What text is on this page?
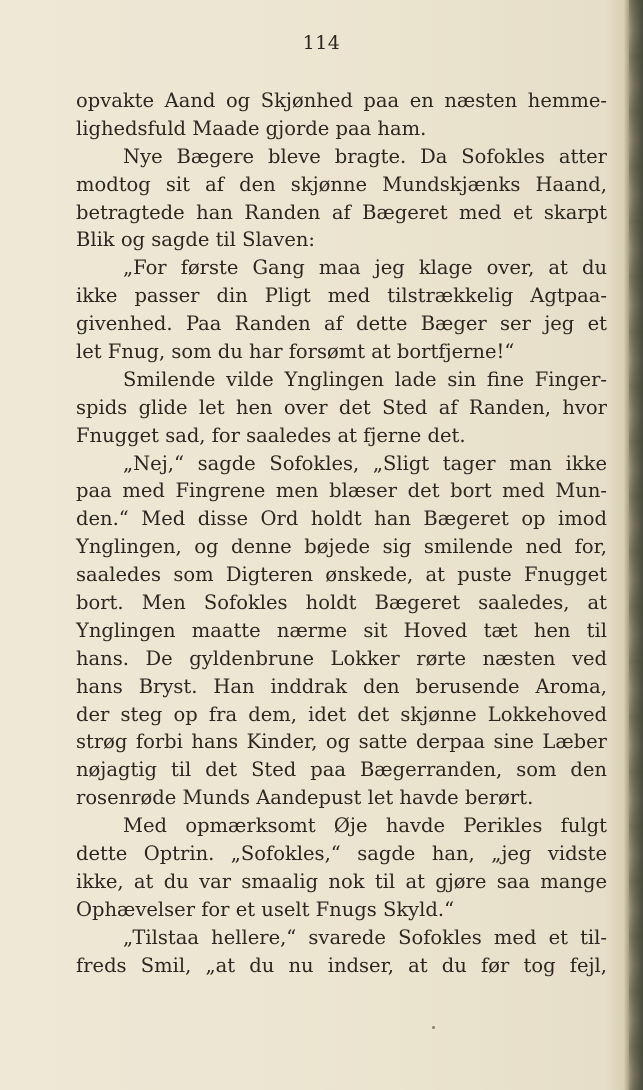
114
opvakte Aand og Skjønhed paa en næsten hemme-
lighedsfuld Maade gjorde paa ham.
Nye Bægere bleve bragte. Da Sofokles atter
modtog sit af den skjønne Mundskjænks Haand,
betragtede han Randen af Bægeret med et skarpt
Blik og sagde til Slaven:
„For første Gang maa jeg klage over, at du
ikke passer din Pligt med tilstrækkelig Agtpaa-
givenhed. Paa Randen af dette Bæger ser jeg et
let Fnug, som du har forsømt at bortfjerne!“
Smilende vilde Ynglingen lade sin fine Finger-
spids glide let hen over det Sted af Randen, hvor
Fnugget sad, for saaledes at fjerne det.
„Nej,“ sagde Sofokles, „Sligt tager man ikke
paa med Fingrene men blæser det bort med Mun-
den.“ Med disse Ord holdt han Bægeret op imod
Ynglingen, og denne bøjede sig smilende ned for,
saaledes som Digteren ønskede, at puste Fnugget
bort. Men Sofokles holdt Bægeret saaledes, at
Ynglingen maatte nærme sit Hoved tæt hen til
hans. De gyldenbrune Lokker rørte næsten ved
hans Bryst. Han inddrak den berusende Aroma,
der steg op fra dem, idet det skjønne Lokkehoved
strøg forbi hans Kinder, og satte derpaa sine Læber
nøjagtig til det Sted paa Bægerranden, som den
rosenrøde Munds Aandepust let havde berørt.
Med opmærksomt Øje havde Perikles fulgt
dette Optrin. „Sofokles,“ sagde han, „jeg vidste
ikke, at du var smaalig nok til at gjøre saa mange
Ophævelser for et uselt Fnugs Skyld.“
„Tilstaa hellere,“ svarede Sofokles med et til-
freds Smil, „at du nu indser, at du før tog fejl,
